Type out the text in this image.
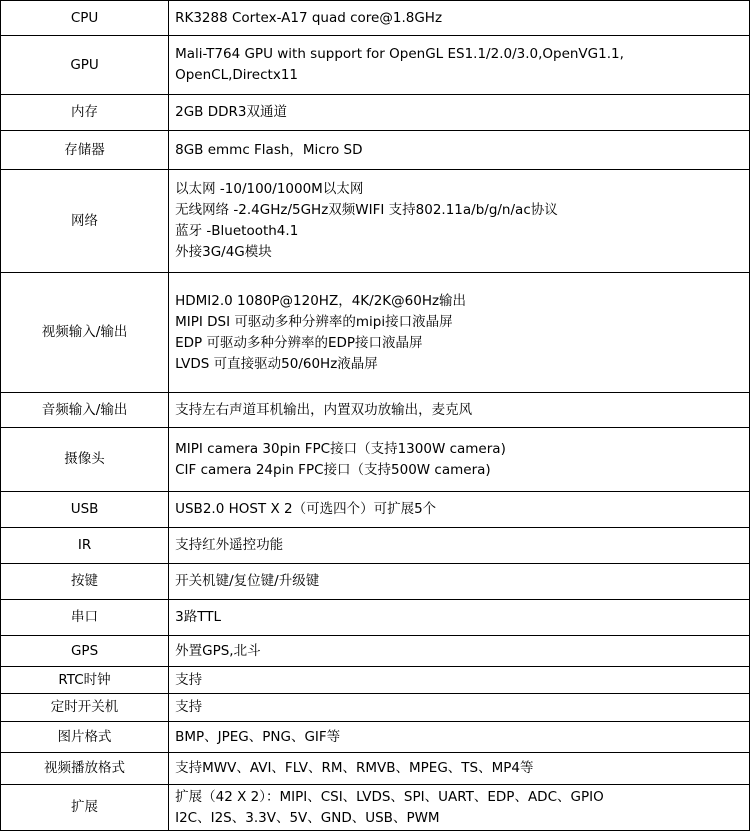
CPU	RK3288 Cortex-A17 quad core@1.8GHz

GPU	Mali-T764 GPU with support for OpenGL ES1.1/2.0/3.0,OpenVG1.1,
OpenCL,Directx11

内存	2GB DDR3双通道

存储器	8GB emmc Flash，Micro SD

网络	以太网 -10/100/1000M以太网
无线网络 -2.4GHz/5GHz双频WIFI 支持802.11a/b/g/n/ac协议
蓝牙 -Bluetooth4.1
外接3G/4G模块

视频输入/输出	HDMI2.0 1080P@120HZ，4K/2K@60Hz输出
MIPI DSI 可驱动多种分辨率的mipi接口液晶屏
EDP 可驱动多种分辨率的EDP接口液晶屏
LVDS 可直接驱动50/60Hz液晶屏

音频输入/输出	支持左右声道耳机输出，内置双功放输出，麦克风

摄像头	MIPI camera 30pin FPC接口（支持1300W camera)
CIF camera 24pin FPC接口（支持500W camera)

USB	USB2.0 HOST X 2（可选四个）可扩展5个

IR	支持红外遥控功能

按键	开关机键/复位键/升级键

串口	3路TTL

GPS	外置GPS,北斗

RTC时钟	支持

定时开关机	支持

图片格式	BMP、JPEG、PNG、GIF等

视频播放格式	支持MWV、AVI、FLV、RM、RMVB、MPEG、TS、MP4等

扩展	扩展（42 X 2）：MIPI、CSI、LVDS、SPI、UART、EDP、ADC、GPIO
I2C、I2S、3.3V、5V、GND、USB、PWM
